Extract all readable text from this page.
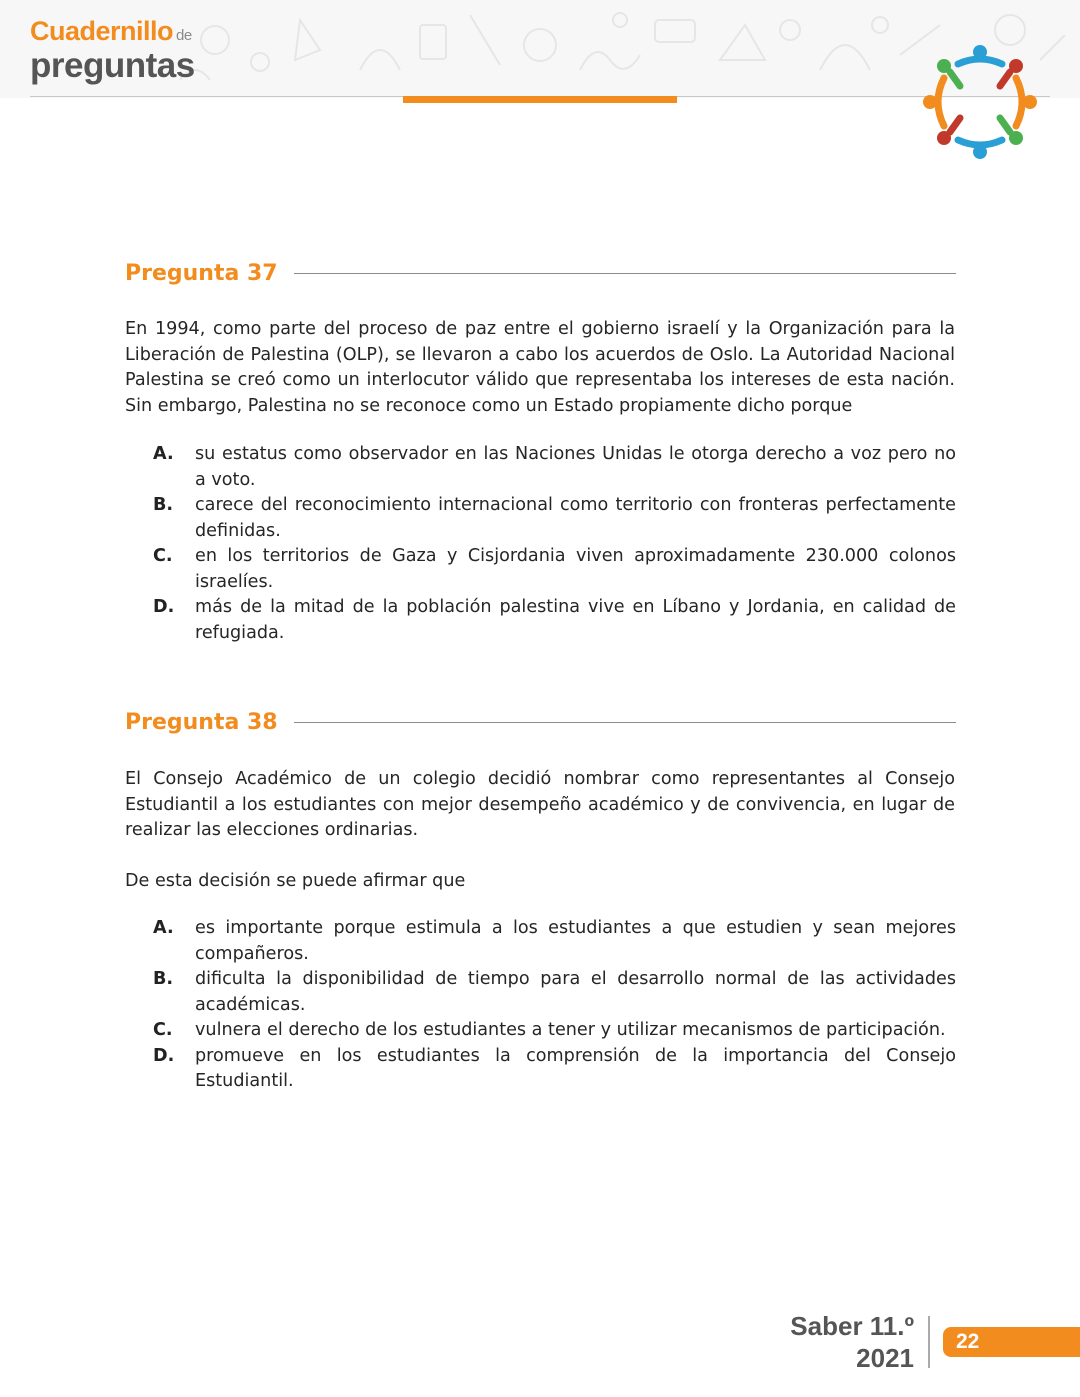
Cuadernillo de
preguntas
Pregunta 37

En 1994, como parte del proceso de paz entre el gobierno israelí y la Organización para la Liberación de Palestina (OLP), se llevaron a cabo los acuerdos de Oslo. La Autoridad Nacional Palestina se creó como un interlocutor válido que representaba los intereses de esta nación. Sin embargo, Palestina no se reconoce como un Estado propiamente dicho porque

A.	su estatus como observador en las Naciones Unidas le otorga derecho a voz pero no a voto.
B.	carece del reconocimiento internacional como territorio con fronteras perfectamente definidas.
C.	en los territorios de Gaza y Cisjordania viven aproximadamente 230.000 colonos israelíes.
D.	más de la mitad de la población palestina vive en Líbano y Jordania, en calidad de refugiada.
Pregunta 38

El Consejo Académico de un colegio decidió nombrar como representantes al Consejo Estudiantil a los estudiantes con mejor desempeño académico y de convivencia, en lugar de realizar las elecciones ordinarias.

De esta decisión se puede afirmar que

A.	es importante porque estimula a los estudiantes a que estudien y sean mejores compañeros.
B.	dificulta la disponibilidad de tiempo para el desarrollo normal de las actividades académicas.
C.	vulnera el derecho de los estudiantes a tener y utilizar mecanismos de participación.
D.	promueve en los estudiantes la comprensión de la importancia del Consejo Estudiantil.
Saber 11.º
2021
22
